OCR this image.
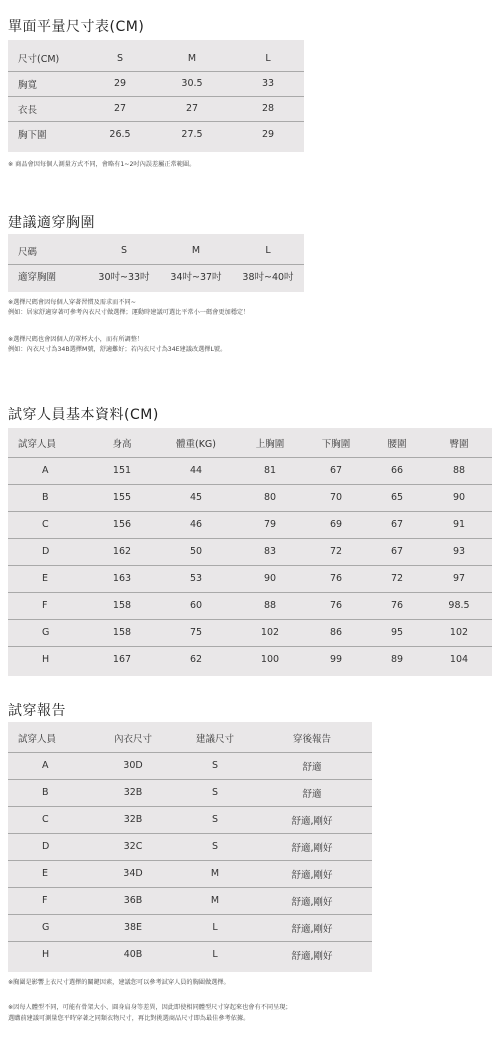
單面平量尺寸表(CM)
尺寸(CM)	S	M	L
胸寬	29	30.5	33
衣長	27	27	28
胸下圍	26.5	27.5	29
※ 商品會因每個人測量方式不同，會略有1~2吋內誤差屬正常範圍。
建議適穿胸圍
尺碼	S	M	L
適穿胸圍	30吋~33吋	34吋~37吋	38吋~40吋
※選擇尺碼會因每個人穿著習慣及需求而不同~
例如：居家舒適穿著可參考內衣尺寸做選擇；運動時建議可選比平常小一碼會更加穩定！
※選擇尺碼也會因個人的罩杯大小，而有所調整！
例如：內衣尺寸為34B選擇M號，舒適難好；若內衣尺寸為34E建議改選擇L號。
試穿人員基本資料(CM)
試穿人員	身高	體重(KG)	上胸圍	下胸圍	腰圍	臀圍
A	151	44	81	67	66	88
B	155	45	80	70	65	90
C	156	46	79	69	67	91
D	162	50	83	72	67	93
E	163	53	90	76	72	97
F	158	60	88	76	76	98.5
G	158	75	102	86	95	102
H	167	62	100	99	89	104
試穿報告
試穿人員	內衣尺寸	建議尺寸	穿後報告
A	30D	S	舒適
B	32B	S	舒適
C	32B	S	舒適,剛好
D	32C	S	舒適,剛好
E	34D	M	舒適,剛好
F	36B	M	舒適,剛好
G	38E	L	舒適,剛好
H	40B	L	舒適,剛好
※胸圍是影響上衣尺寸選擇的關鍵因素，建議您可以參考試穿人員的胸圍做選擇。
※因每人體型不同，可能有骨架大小、圓身肩身等差異，因此即使相同體型尺寸穿起來也會有不同呈現；
選購前建議可測量您平時穿著之同類衣物尺寸，再比對挑選商品尺寸即為最佳參考依據。
